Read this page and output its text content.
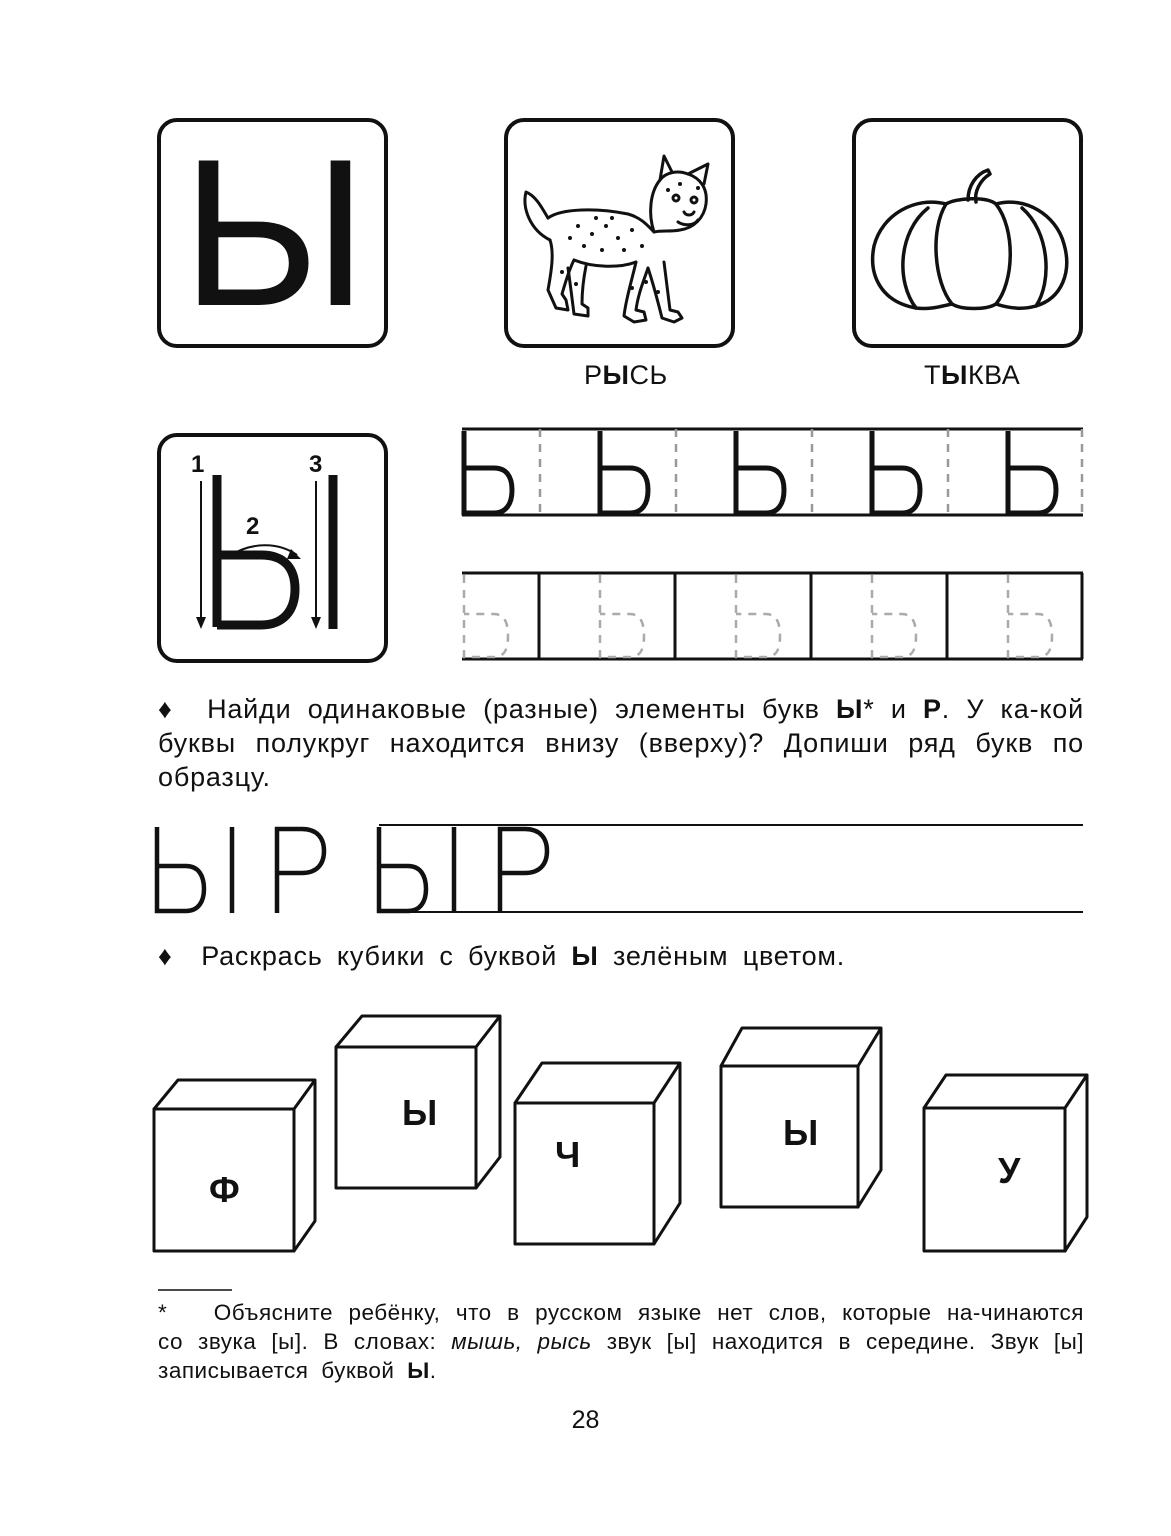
Ы
РЫСЬ	ТЫКВА
1
2
3
♦ Найди одинаковые (разные) элементы букв Ы* и Р. У ка-кой буквы полукруг находится внизу (вверху)? Допиши ряд букв по образцу.
♦ Раскрась кубики с буквой Ы зелёным цветом.
Ф
Ы
Ч
Ы
У
* Объясните ребёнку, что в русском языке нет слов, которые на-чинаются со звука [ы]. В словах: мышь, рысь звук [ы] находится в середине. Звук [ы] записывается буквой Ы.
28
